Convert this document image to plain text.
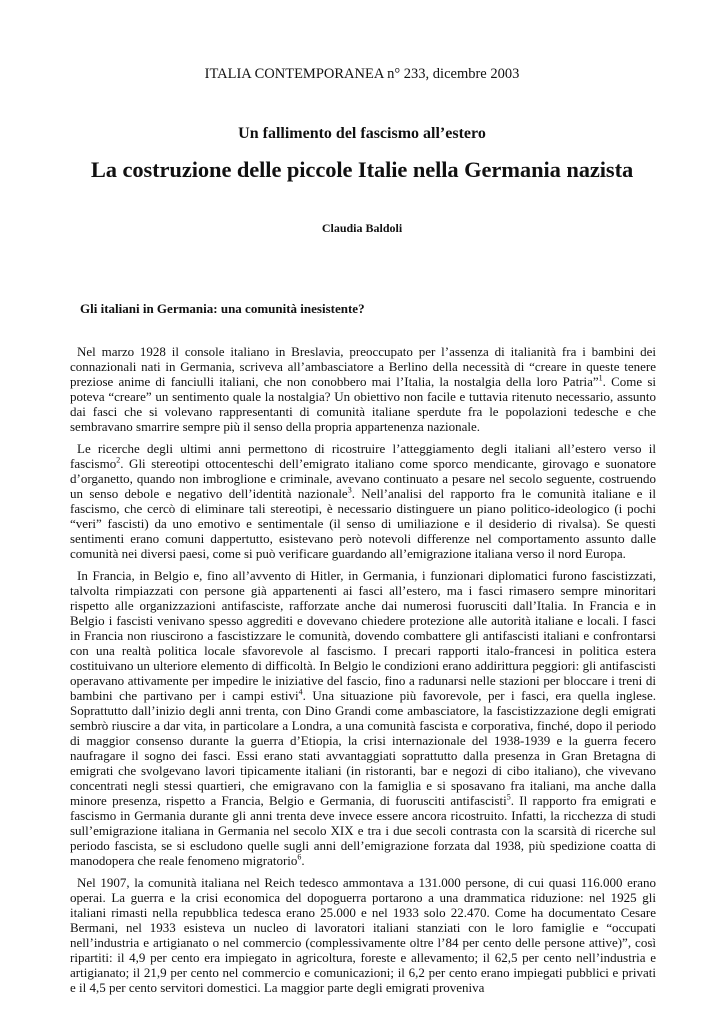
ITALIA CONTEMPORANEA n° 233, dicembre 2003
Un fallimento del fascismo all’estero
La costruzione delle piccole Italie nella Germania nazista
Claudia Baldoli
Gli italiani in Germania: una comunità inesistente?

Nel marzo 1928 il console italiano in Breslavia, preoccupato per l’assenza di italianità fra i bambini dei connazionali nati in Germania, scriveva all’ambasciatore a Berlino della necessità di “creare in queste tenere preziose anime di fanciulli italiani, che non conobbero mai l’Italia, la nostalgia della loro Patria”$^1$. Come si poteva “creare” un sentimento quale la nostalgia? Un obiettivo non facile e tuttavia ritenuto necessario, assunto dai fasci che si volevano rappresentanti di comunità italiane sperdute fra le popolazioni tedesche e che sembravano smarrire sempre più il senso della propria appartenenza nazionale.

Le ricerche degli ultimi anni permettono di ricostruire l’atteggiamento degli italiani all’estero verso il fascismo$^2$. Gli stereotipi ottocenteschi dell’emigrato italiano come sporco mendicante, girovago e suonatore d’organetto, quando non imbroglione e criminale, avevano continuato a pesare nel secolo seguente, costruendo un senso debole e negativo dell’identità nazionale$^3$. Nell’analisi del rapporto fra le comunità italiane e il fascismo, che cercò di eliminare tali stereotipi, è necessario distinguere un piano politico-ideologico (i pochi “veri” fascisti) da uno emotivo e sentimentale (il senso di umiliazione e il desiderio di rivalsa). Se questi sentimenti erano comuni dappertutto, esistevano però notevoli differenze nel comportamento assunto dalle comunità nei diversi paesi, come si può verificare guardando all’emigrazione italiana verso il nord Europa.

In Francia, in Belgio e, fino all’avvento di Hitler, in Germania, i funzionari diplomatici furono fascistizzati, talvolta rimpiazzati con persone già appartenenti ai fasci all’estero, ma i fasci rimasero sempre minoritari rispetto alle organizzazioni antifasciste, rafforzate anche dai numerosi fuorusciti dall’Italia. In Francia e in Belgio i fascisti venivano spesso aggrediti e dovevano chiedere protezione alle autorità italiane e locali. I fasci in Francia non riuscirono a fascistizzare le comunità, dovendo combattere gli antifascisti italiani e confrontarsi con una realtà politica locale sfavorevole al fascismo. I precari rapporti italo-francesi in politica estera costituivano un ulteriore elemento di difficoltà. In Belgio le condizioni erano addirittura peggiori: gli antifascisti operavano attivamente per impedire le iniziative del fascio, fino a radunarsi nelle stazioni per bloccare i treni di bambini che partivano per i campi estivi$^4$. Una situazione più favorevole, per i fasci, era quella inglese. Soprattutto dall’inizio degli anni trenta, con Dino Grandi come ambasciatore, la fascistizzazione degli emigrati sembrò riuscire a dar vita, in particolare a Londra, a una comunità fascista e corporativa, finché, dopo il periodo di maggior consenso durante la guerra d’Etiopia, la crisi internazionale del 1938-1939 e la guerra fecero naufragare il sogno dei fasci. Essi erano stati avvantaggiati soprattutto dalla presenza in Gran Bretagna di emigrati che svolgevano lavori tipicamente italiani (in ristoranti, bar e negozi di cibo italiano), che vivevano concentrati negli stessi quartieri, che emigravano con la famiglia e si sposavano fra italiani, ma anche dalla minore presenza, rispetto a Francia, Belgio e Germania, di fuorusciti antifascisti$^5$. Il rapporto fra emigrati e fascismo in Germania durante gli anni trenta deve invece essere ancora ricostruito. Infatti, la ricchezza di studi sull’emigrazione italiana in Germania nel secolo XIX e tra i due secoli contrasta con la scarsità di ricerche sul periodo fascista, se si escludono quelle sugli anni dell’emigrazione forzata dal 1938, più spedizione coatta di manodopera che reale fenomeno migratorio$^6$.

Nel 1907, la comunità italiana nel Reich tedesco ammontava a 131.000 persone, di cui quasi 116.000 erano operai. La guerra e la crisi economica del dopoguerra portarono a una drammatica riduzione: nel 1925 gli italiani rimasti nella repubblica tedesca erano 25.000 e nel 1933 solo 22.470. Come ha documentato Cesare Bermani, nel 1933 esisteva un nucleo di lavoratori italiani stanziati con le loro famiglie e “occupati nell’industria e artigianato o nel commercio (complessivamente oltre l’84 per cento delle persone attive)”, così ripartiti: il 4,9 per cento era impiegato in agricoltura, foreste e allevamento; il 62,5 per cento nell’industria e artigianato; il 21,9 per cento nel commercio e comunicazioni; il 6,2 per cento erano impiegati pubblici e privati e il 4,5 per cento servitori domestici. La maggior parte degli emigrati proveniva
